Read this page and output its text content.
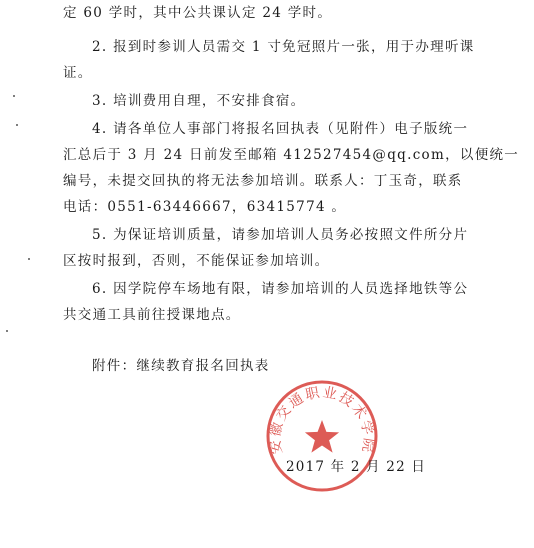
定 60 学时，其中公共课认定 24 学时。
2. 报到时参训人员需交 1 寸免冠照片一张，用于办理听课
证。
3. 培训费用自理，不安排食宿。
4. 请各单位人事部门将报名回执表（见附件）电子版统一
汇总后于 3 月 24 日前发至邮箱 412527454@qq.com，以便统一
编号，未提交回执的将无法参加培训。联系人：丁玉奇，联系
电话：0551-63446667，63415774 。
5. 为保证培训质量，请参加培训人员务必按照文件所分片
区按时报到，否则，不能保证参加培训。
6. 因学院停车场地有限，请参加培训的人员选择地铁等公
共交通工具前往授课地点。
附件：继续教育报名回执表
安徽交通职业技术学院
2017 年 2 月 22 日
